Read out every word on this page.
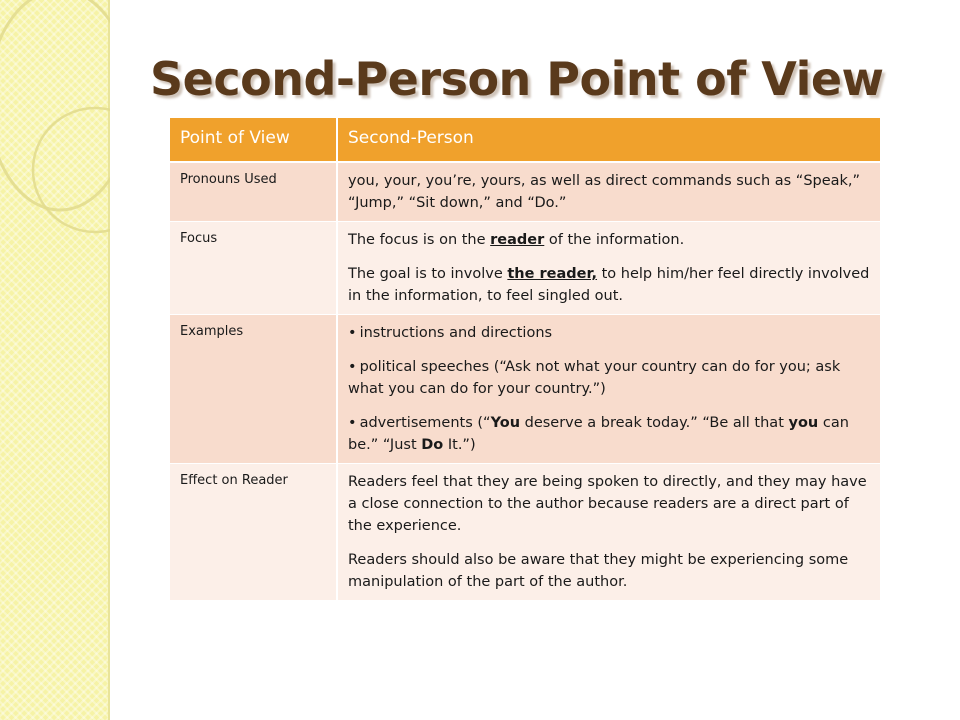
Second-Person Point of View
Point of View	Second-Person
Pronouns Used	you, your, you’re, yours, as well as direct commands such as “Speak,” “Jump,” “Sit down,” and “Do.”
Focus	The focus is on the reader of the information.

The goal is to involve the reader, to help him/her feel directly involved in the information, to feel singled out.

Examples	• instructions and directions

• political speeches (“Ask not what your country can do for you; ask what you can do for your country.”)

• advertisements (“You deserve a break today.” “Be all that you can be.” “Just Do It.”)

Effect on Reader	Readers feel that they are being spoken to directly, and they may have a close connection to the author because readers are a direct part of the experience.

Readers should also be aware that they might be experiencing some manipulation of the part of the author.
